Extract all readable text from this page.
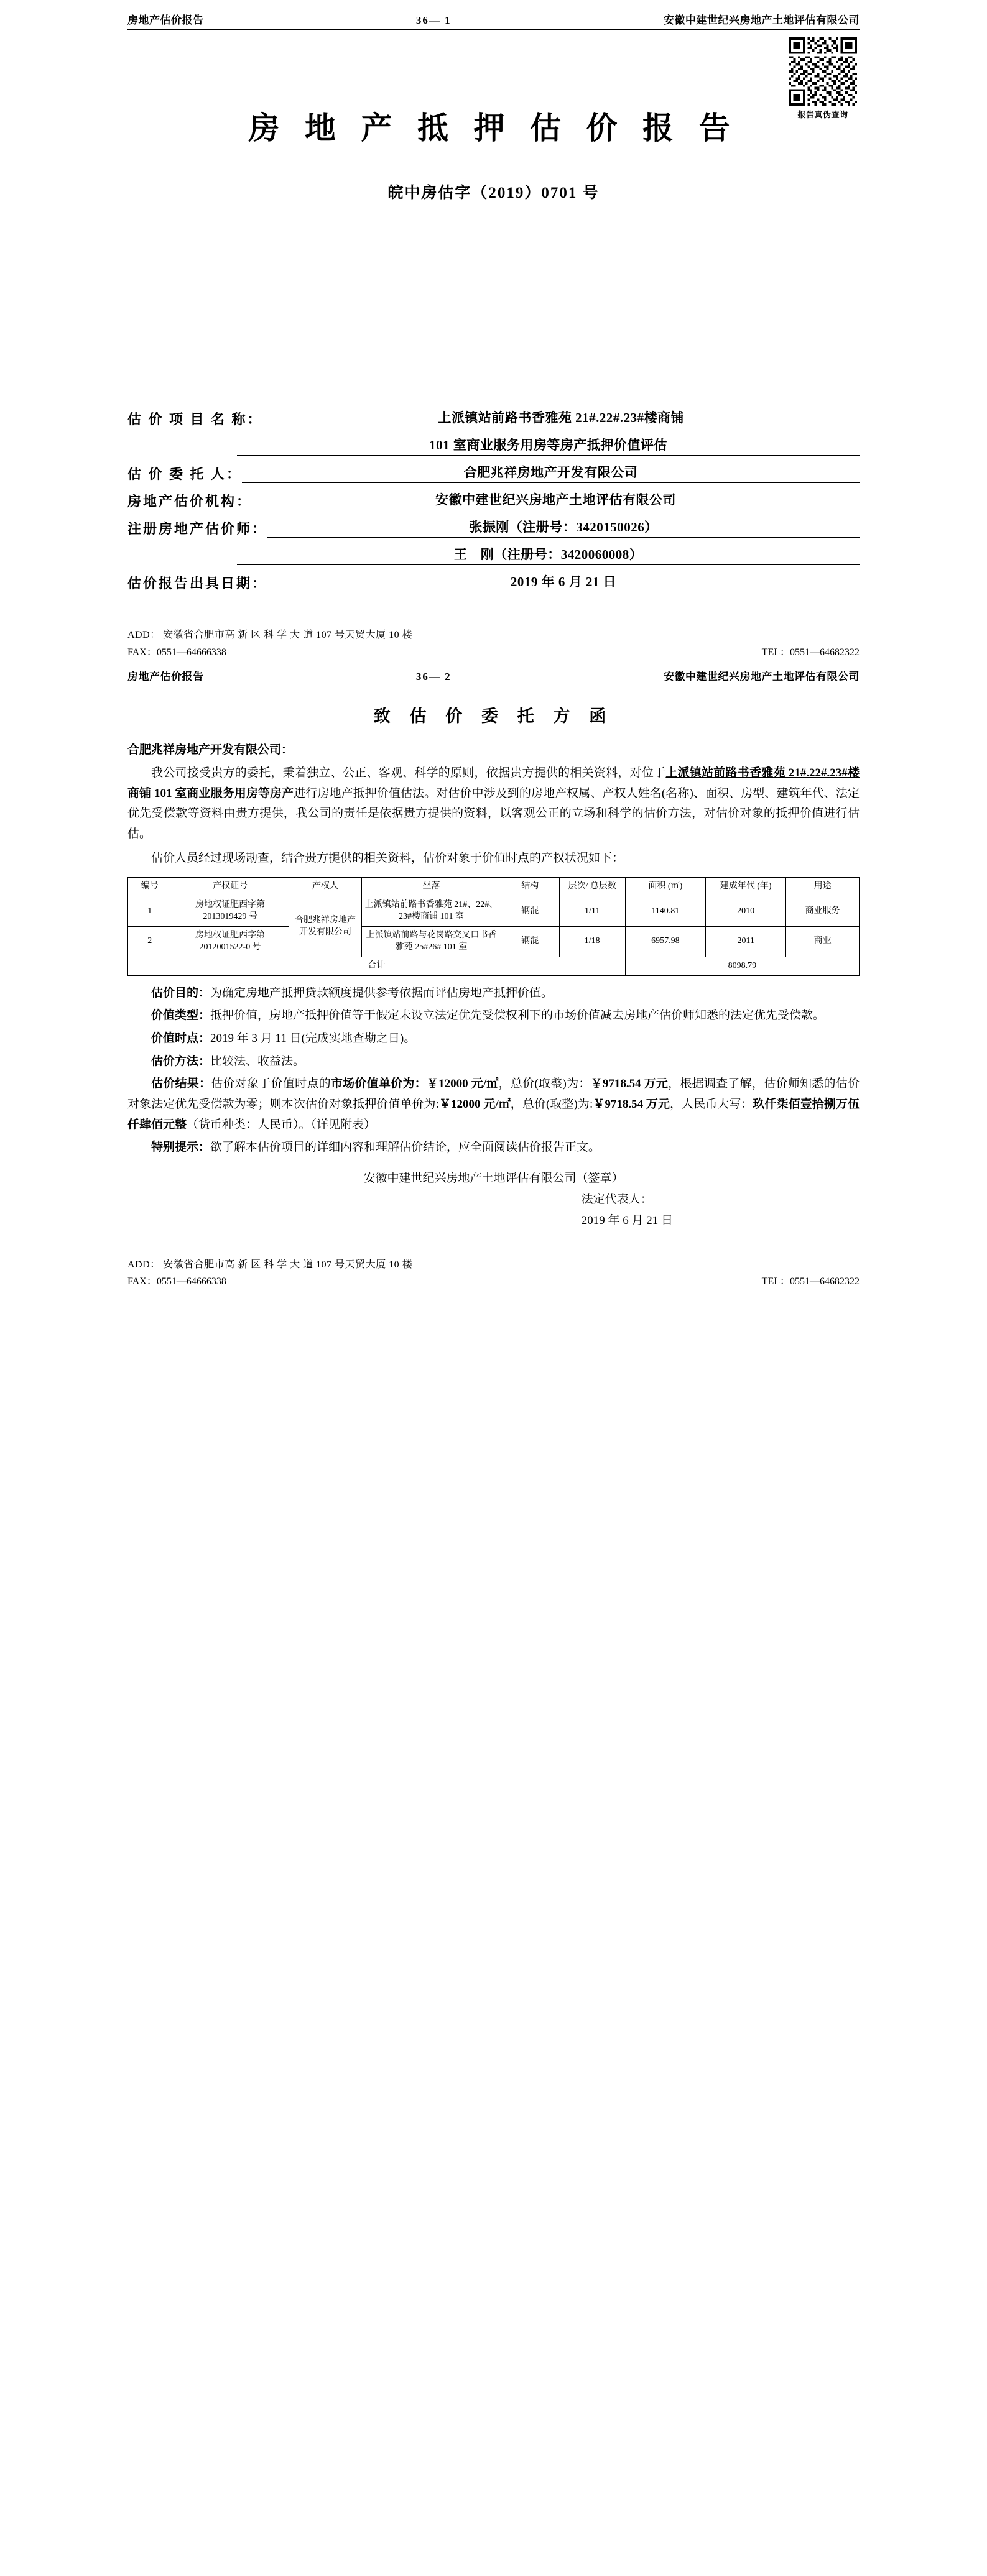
房地产估价报告	36— 1	安徽中建世纪兴房地产土地评估有限公司
报告真伪查询
房 地 产 抵 押 估 价 报 告
皖中房估字（2019）0701 号
估 价 项 目 名 称：	上派镇站前路书香雅苑 21#.22#.23#楼商铺
101 室商业服务用房等房产抵押价值评估
估 价 委 托 人：	合肥兆祥房地产开发有限公司
房地产估价机构：	安徽中建世纪兴房地产土地评估有限公司
注册房地产估价师：	张振刚（注册号：3420150026）
王　刚（注册号：3420060008）
估价报告出具日期：	2019 年 6 月 21 日
ADD： 安徽省合肥市高 新 区 科 学 大 道 107 号天贸大厦 10 楼
FAX：0551—64666338	TEL：0551—64682322
房地产估价报告	36— 2	安徽中建世纪兴房地产土地评估有限公司
致 估 价 委 托 方 函
合肥兆祥房地产开发有限公司：

我公司接受贵方的委托，秉着独立、公正、客观、科学的原则，依据贵方提供的相关资料，对位于上派镇站前路书香雅苑 21#.22#.23#楼商铺 101 室商业服务用房等房产进行房地产抵押价值估法。对估价中涉及到的房地产权属、产权人姓名(名称)、面积、房型、建筑年代、法定优先受偿款等资料由贵方提供，我公司的责任是依据贵方提供的资料，以客观公正的立场和科学的估价方法，对估价对象的抵押价值进行估估。

估价人员经过现场勘查，结合贵方提供的相关资料，估价对象于价值时点的产权状况如下：

编号	产权证号	产权人	坐落	结构	层次/ 总层数	面积 (㎡)	建成年代 (年)	用途
1	房地权证肥西字第 2013019429 号	合肥兆祥房地产开发有限公司	上派镇站前路书香雅苑 21#、22#、23#楼商铺 101 室	钢混	1/11	1140.81	2010	商业服务
2	房地权证肥西字第 2012001522-0 号		上派镇站前路与花岗路交叉口书香雅苑 25#26# 101 室	钢混	1/18	6957.98	2011	商业
合计						8098.79		

估价目的：为确定房地产抵押贷款额度提供参考依据而评估房地产抵押价值。

价值类型：抵押价值，房地产抵押价值等于假定未设立法定优先受偿权利下的市场价值减去房地产估价师知悉的法定优先受偿款。

价值时点：2019 年 3 月 11 日(完成实地查勘之日)。

估价方法：比较法、收益法。

估价结果：估价对象于价值时点的市场价值单价为：￥12000 元/㎡，总价(取整)为：￥9718.54 万元，根据调查了解，估价师知悉的估价对象法定优先受偿款为零；则本次估价对象抵押价值单价为:￥12000 元/㎡，总价(取整)为:￥9718.54 万元，人民币大写：玖仟柒佰壹拾捌万伍仟肆佰元整（货币种类：人民币）。（详见附表）

特别提示：欲了解本估价项目的详细内容和理解估价结论，应全面阅读估价报告正文。

安徽中建世纪兴房地产土地评估有限公司（签章）
法定代表人：
2019 年 6 月 21 日
ADD： 安徽省合肥市高 新 区 科 学 大 道 107 号天贸大厦 10 楼
FAX：0551—64666338	TEL：0551—64682322
